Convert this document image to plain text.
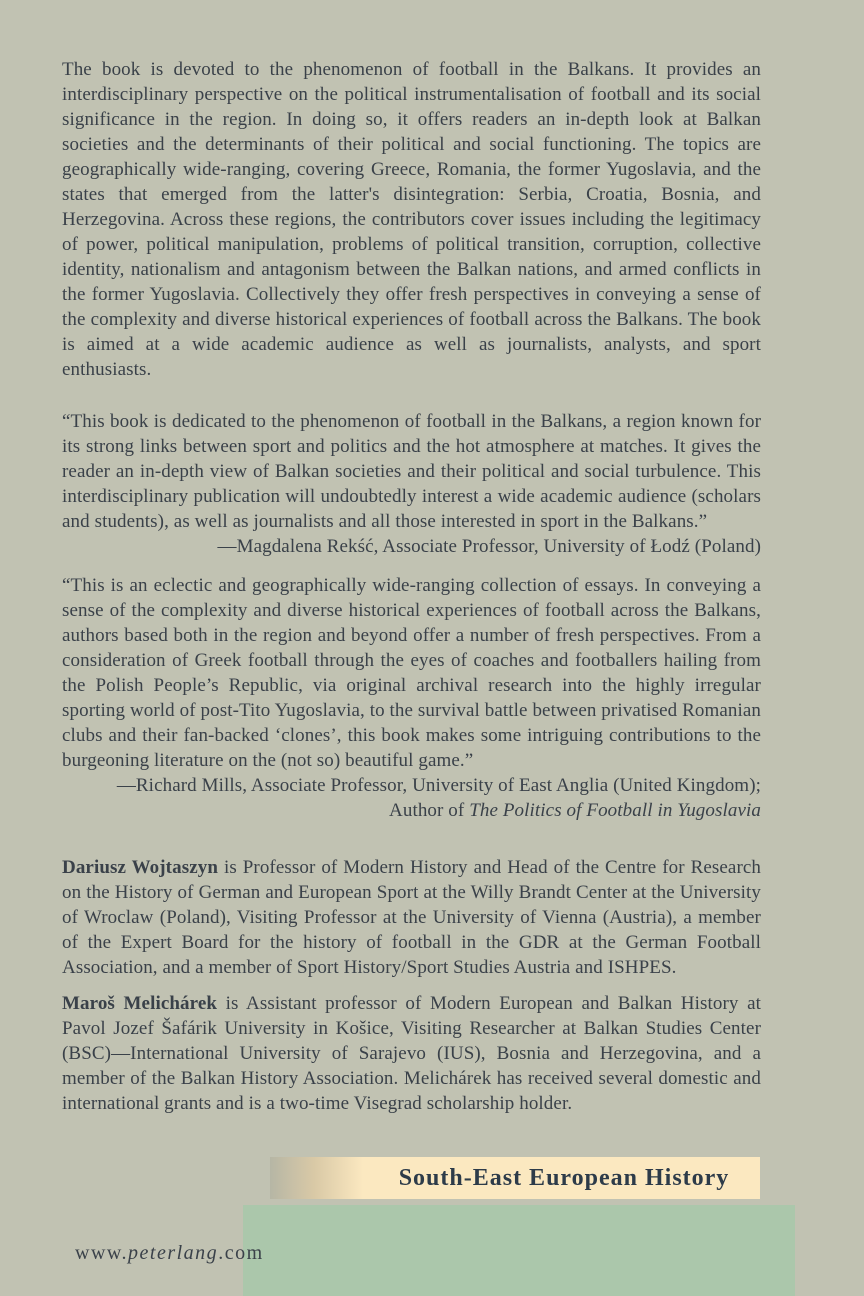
The book is devoted to the phenomenon of football in the Balkans. It provides an interdisciplinary perspective on the political instrumentalisation of football and its social significance in the region. In doing so, it offers readers an in-depth look at Balkan societies and the determinants of their political and social functioning. The topics are geographically wide-ranging, covering Greece, Romania, the former Yugoslavia, and the states that emerged from the latter's disintegration: Serbia, Croatia, Bosnia, and Herzegovina. Across these regions, the contributors cover issues including the legitimacy of power, political manipulation, problems of political transition, corruption, collective identity, nationalism and antagonism between the Balkan nations, and armed conflicts in the former Yugoslavia. Collectively they offer fresh perspectives in conveying a sense of the complexity and diverse historical experiences of football across the Balkans. The book is aimed at a wide academic audience as well as journalists, analysts, and sport enthusiasts.

“This book is dedicated to the phenomenon of football in the Balkans, a region known for its strong links between sport and politics and the hot atmosphere at matches. It gives the reader an in-depth view of Balkan societies and their political and social turbulence. This interdisciplinary publication will undoubtedly interest a wide academic audience (scholars and students), as well as journalists and all those interested in sport in the Balkans.”

—Magdalena Rekść, Associate Professor, University of Łodź (Poland)

“This is an eclectic and geographically wide-ranging collection of essays. In conveying a sense of the complexity and diverse historical experiences of football across the Balkans, authors based both in the region and beyond offer a number of fresh perspectives. From a consideration of Greek football through the eyes of coaches and footballers hailing from the Polish People’s Republic, via original archival research into the highly irregular sporting world of post-Tito Yugoslavia, to the survival battle between privatised Romanian clubs and their fan-backed ‘clones’, this book makes some intriguing contributions to the burgeoning literature on the (not so) beautiful game.”

—Richard Mills, Associate Professor, University of East Anglia (United Kingdom);

Author of The Politics of Football in Yugoslavia

Dariusz Wojtaszyn is Professor of Modern History and Head of the Centre for Research on the History of German and European Sport at the Willy Brandt Center at the University of Wroclaw (Poland), Visiting Professor at the University of Vienna (Austria), a member of the Expert Board for the history of football in the GDR at the German Football Association, and a member of Sport History/Sport Studies Austria and ISHPES.

Maroš Melichárek is Assistant professor of Modern European and Balkan History at Pavol Jozef Šafárik University in Košice, Visiting Researcher at Balkan Studies Center (BSC)—International University of Sarajevo (IUS), Bosnia and Herzegovina, and a member of the Balkan History Association. Melichárek has received several domestic and international grants and is a two-time Visegrad scholarship holder.

South-East European History
www.peterlang.com
